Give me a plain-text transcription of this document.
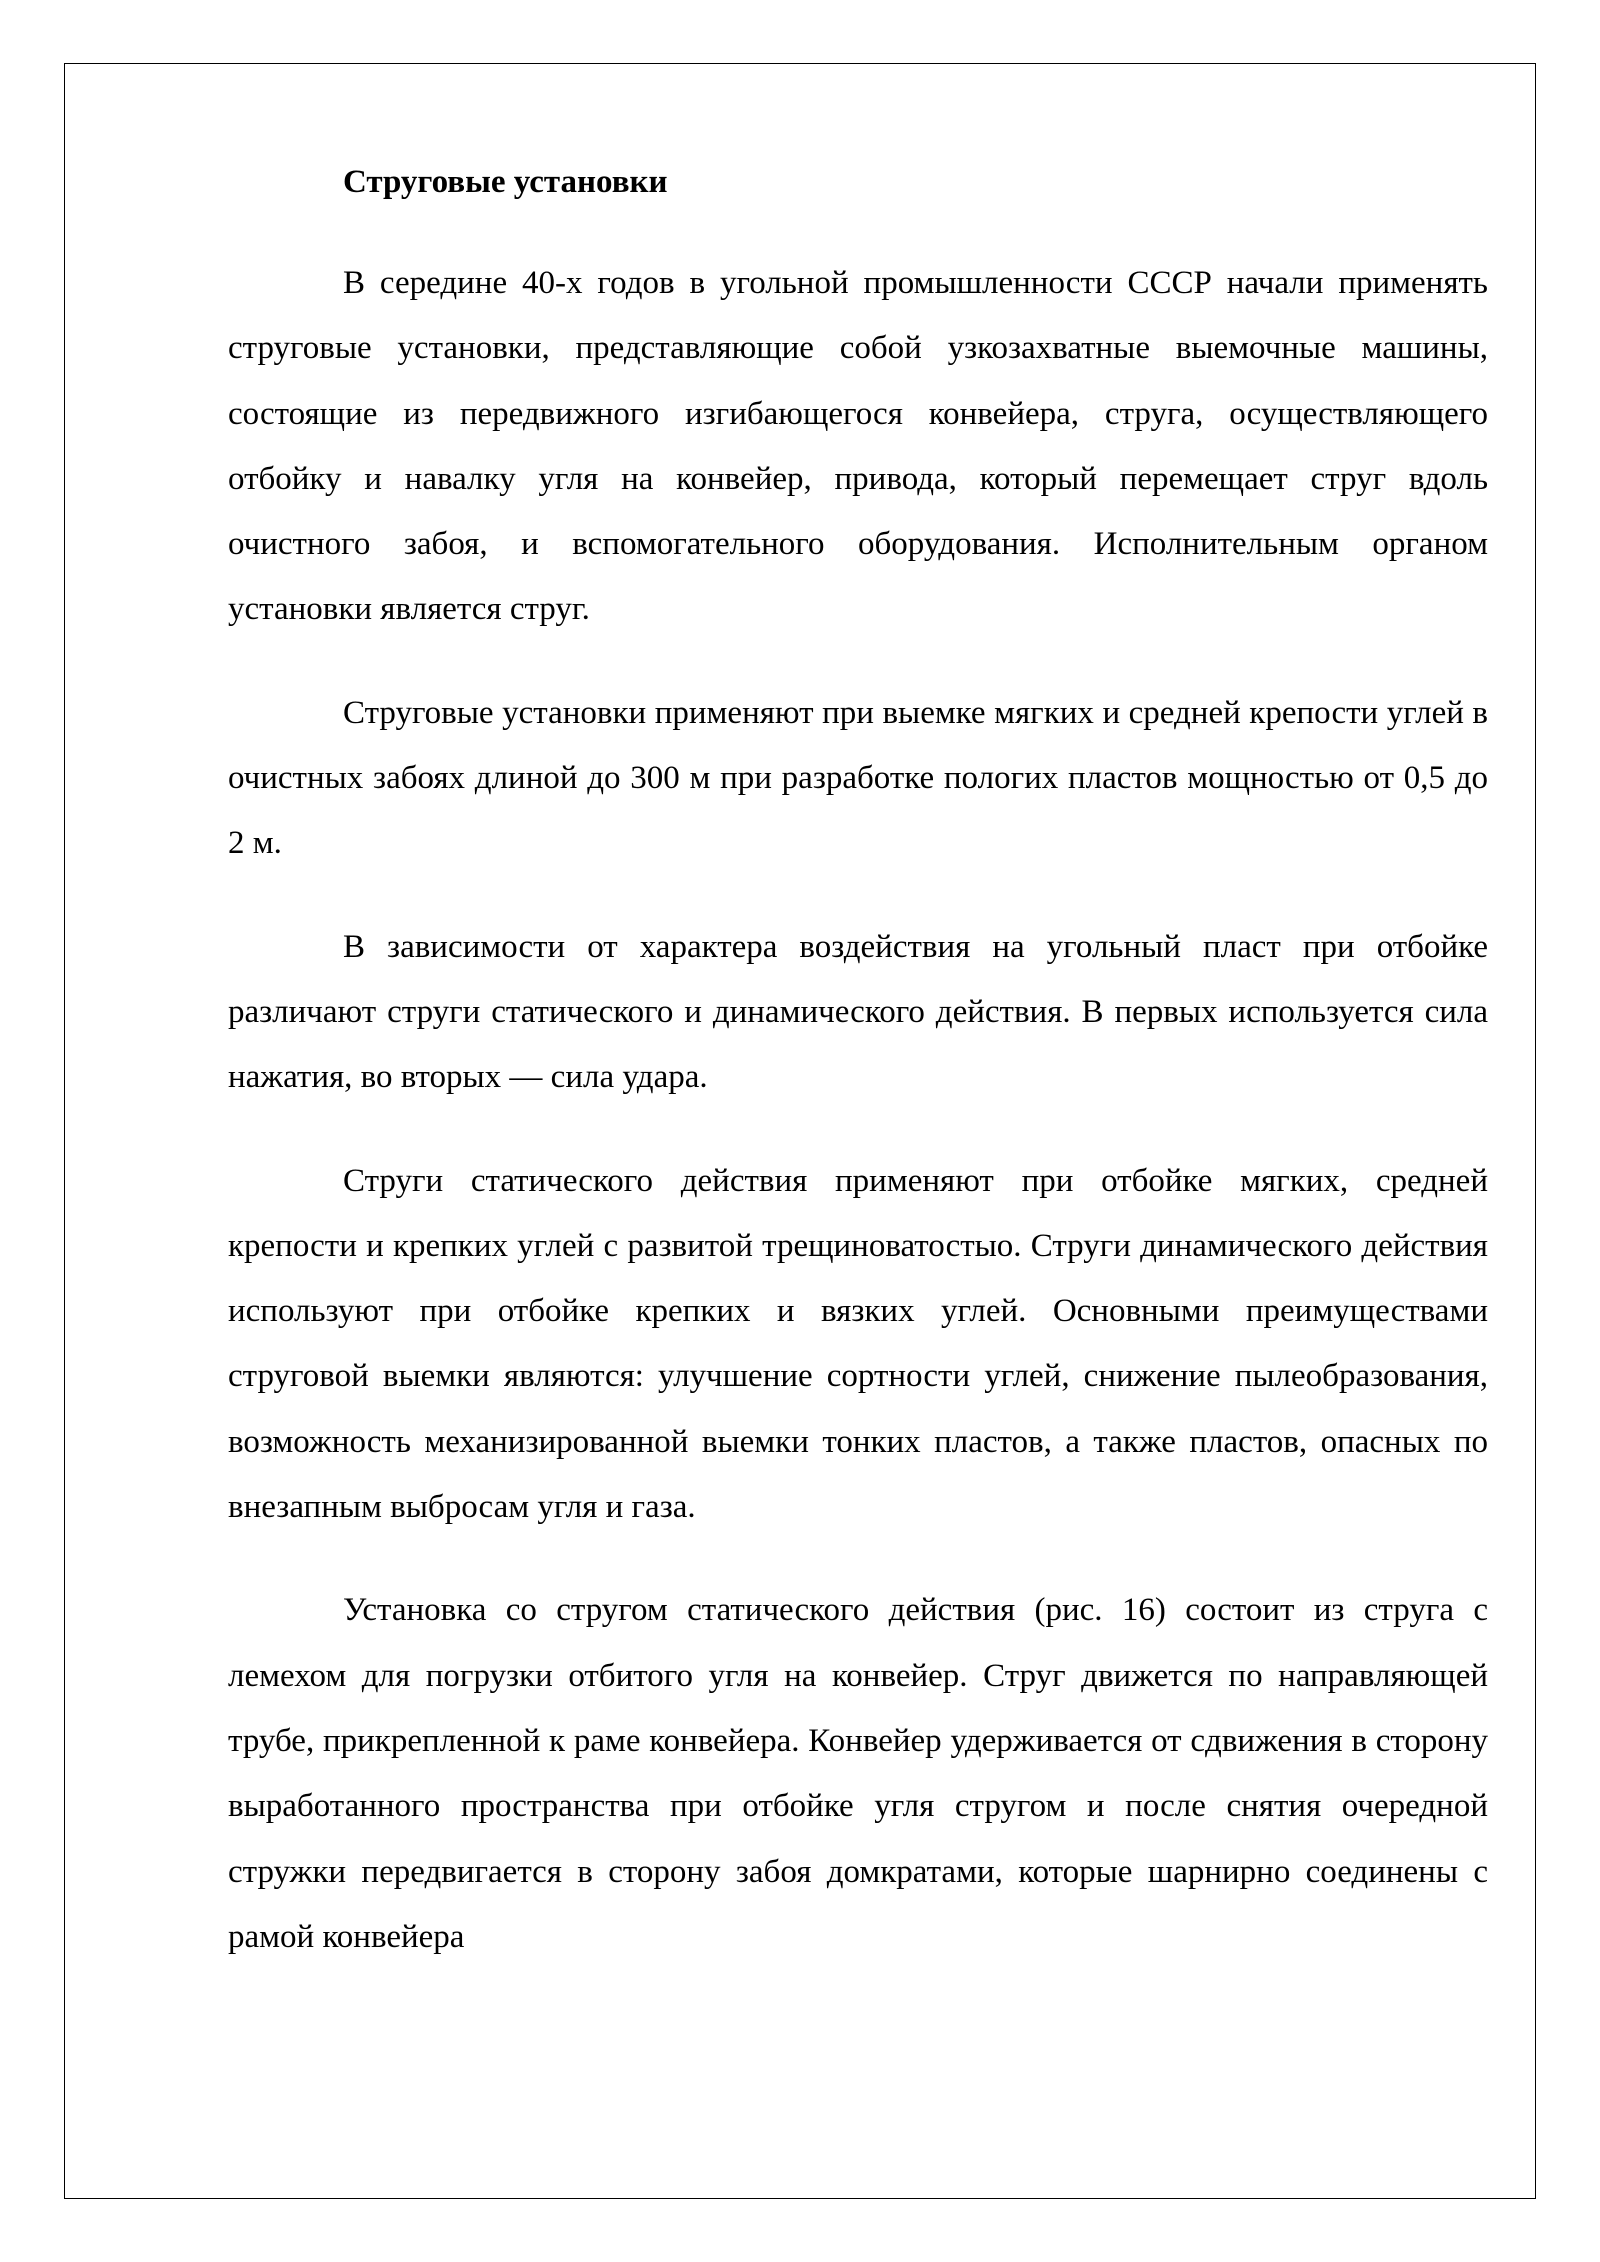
Струговые установки

В середине 40-х годов в угольной промышленности СССР начали применять струговые установки, представляющие собой узкозахватные выемочные машины, состоящие из передвижного изгибающегося конвейера, струга, осуществляющего отбойку и навалку угля на конвейер, привода, который перемещает струг вдоль очистного забоя, и вспомогательного оборудования. Исполнительным органом установки является струг.

Струговые установки применяют при выемке мягких и средней крепости углей в очистных забоях длиной до 300 м при разработке пологих пластов мощностью от 0,5 до 2 м.

В зависимости от характера воздействия на угольный пласт при отбойке различают струги статического и динамического действия. В первых используется сила нажатия, во вторых — сила удара.

Струги статического действия применяют при отбойке мягких, средней крепости и крепких углей с развитой трещиноватостыо. Струги динамического действия используют при отбойке крепких и вязких углей. Основными преимуществами струговой выемки являются: улучшение сортности углей, снижение пылеобразования, возможность механизированной выемки тонких пластов, а также пластов, опасных по внезапным выбросам угля и газа.

Установка со стругом статического действия (рис. 16) состоит из струга с лемехом для погрузки отбитого угля на конвейер. Струг движется по направляющей трубе, прикрепленной к раме конвейера. Конвейер удерживается от сдвижения в сторону выработанного пространства при отбойке угля стругом и после снятия очередной стружки передвигается в сторону забоя домкратами, которые шарнирно соединены с рамой конвейера
